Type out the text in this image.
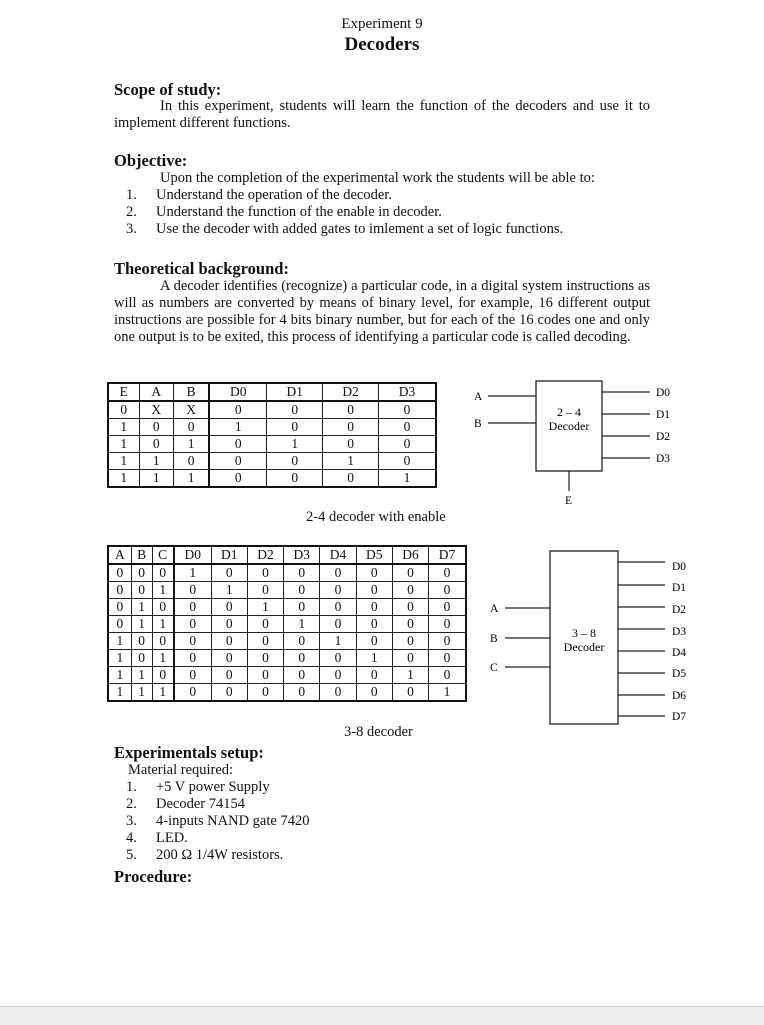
Experiment 9
Decoders
Scope of study:
In this experiment, students will learn the function of the decoders and use it to implement different functions.
Objective:
Upon the completion of the experimental work the students will be able to:
1. Understand the operation of the decoder.
2. Understand the function of the enable in decoder.
3. Use the decoder with added gates to imlement a set of logic functions.
Theoretical background:
A decoder identifies (recognize) a particular code, in a digital system instructions as will as numbers are converted by means of binary level, for example, 16 different output instructions are possible for 4 bits binary number, but for each of the 16 codes one and only one output is to be exited, this process of identifying a particular code is called decoding.
E	A	B	D0	D1	D2	D3
0	X	X	0	0	0	0
1	0	0	1	0	0	0
1	0	1	0	1	0	0
1	1	0	0	0	1	0
1	1	1	0	0	0	1
2-4 decoder with enable
2 – 4
Decoder
A
B
D0
D1
D2
D3
E
A	B	C	D0	D1	D2	D3	D4	D5	D6	D7
0	0	0	1	0	0	0	0	0	0	0
0	0	1	0	1	0	0	0	0	0	0
0	1	0	0	0	1	0	0	0	0	0
0	1	1	0	0	0	1	0	0	0	0
1	0	0	0	0	0	0	1	0	0	0
1	0	1	0	0	0	0	0	1	0	0
1	1	0	0	0	0	0	0	0	1	0
1	1	1	0	0	0	0	0	0	0	1
3-8 decoder
3 – 8
Decoder
A
B
C
D0
D1
D2
D3
D4
D5
D6
D7
Experimentals setup:
Material required:
1. +5 V power Supply
2. Decoder 74154
3. 4-inputs NAND gate 7420
4. LED.
5. 200 Ω 1/4W resistors.
Procedure:
